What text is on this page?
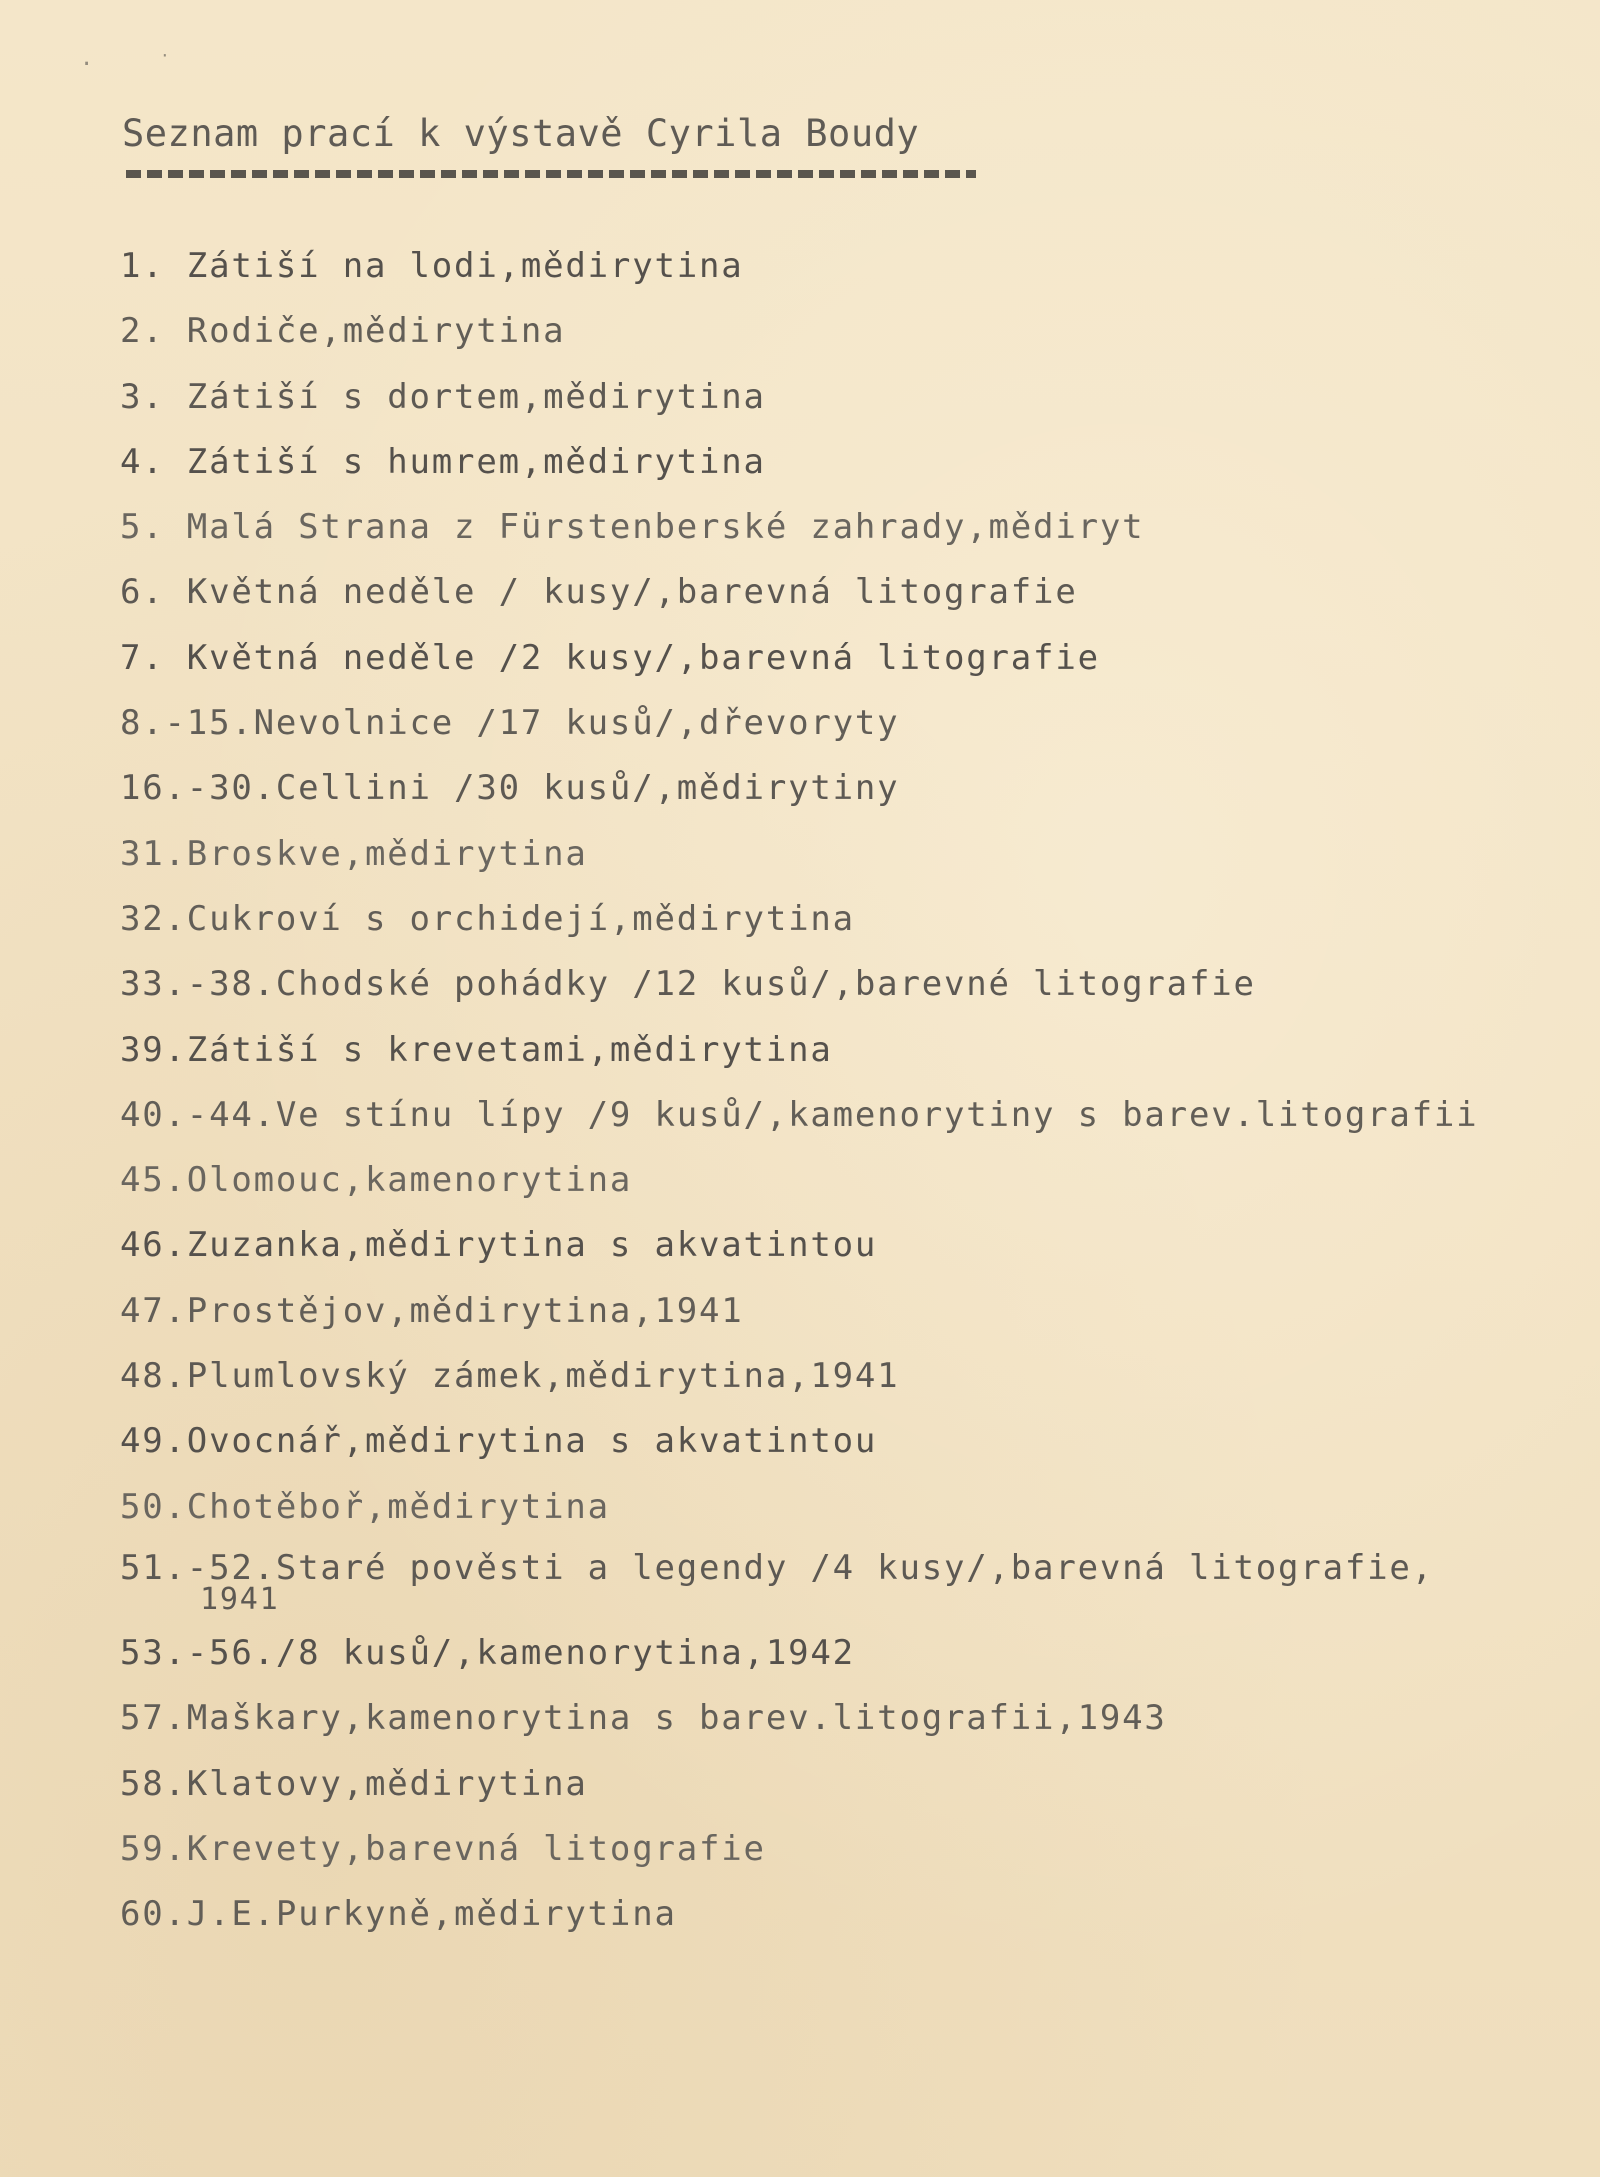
·	·
Seznam prací k výstavě Cyrila Boudy
1. Zátiší na lodi,mědirytina
2. Rodiče,mědirytina
3. Zátiší s dortem,mědirytina
4. Zátiší s humrem,mědirytina
5. Malá Strana z Fürstenberské zahrady,mědiryt
6. Květná neděle / kusy/,barevná litografie
7. Květná neděle /2 kusy/,barevná litografie
8.-15.Nevolnice /17 kusů/,dřevoryty
16.-30.Cellini /30 kusů/,mědirytiny
31.Broskve,mědirytina
32.Cukroví s orchidejí,mědirytina
33.-38.Chodské pohádky /12 kusů/,barevné litografie
39.Zátiší s krevetami,mědirytina
40.-44.Ve stínu lípy /9 kusů/,kamenorytiny s barev.litografii
45.Olomouc,kamenorytina
46.Zuzanka,mědirytina s akvatintou
47.Prostějov,mědirytina,1941
48.Plumlovský zámek,mědirytina,1941
49.Ovocnář,mědirytina s akvatintou
50.Chotěboř,mědirytina
51.-52.Staré pověsti a legendy /4 kusy/,barevná litografie,
1941
53.-56./8 kusů/,kamenorytina,1942
57.Maškary,kamenorytina s barev.litografii,1943
58.Klatovy,mědirytina
59.Krevety,barevná litografie
60.J.E.Purkyně,mědirytina
